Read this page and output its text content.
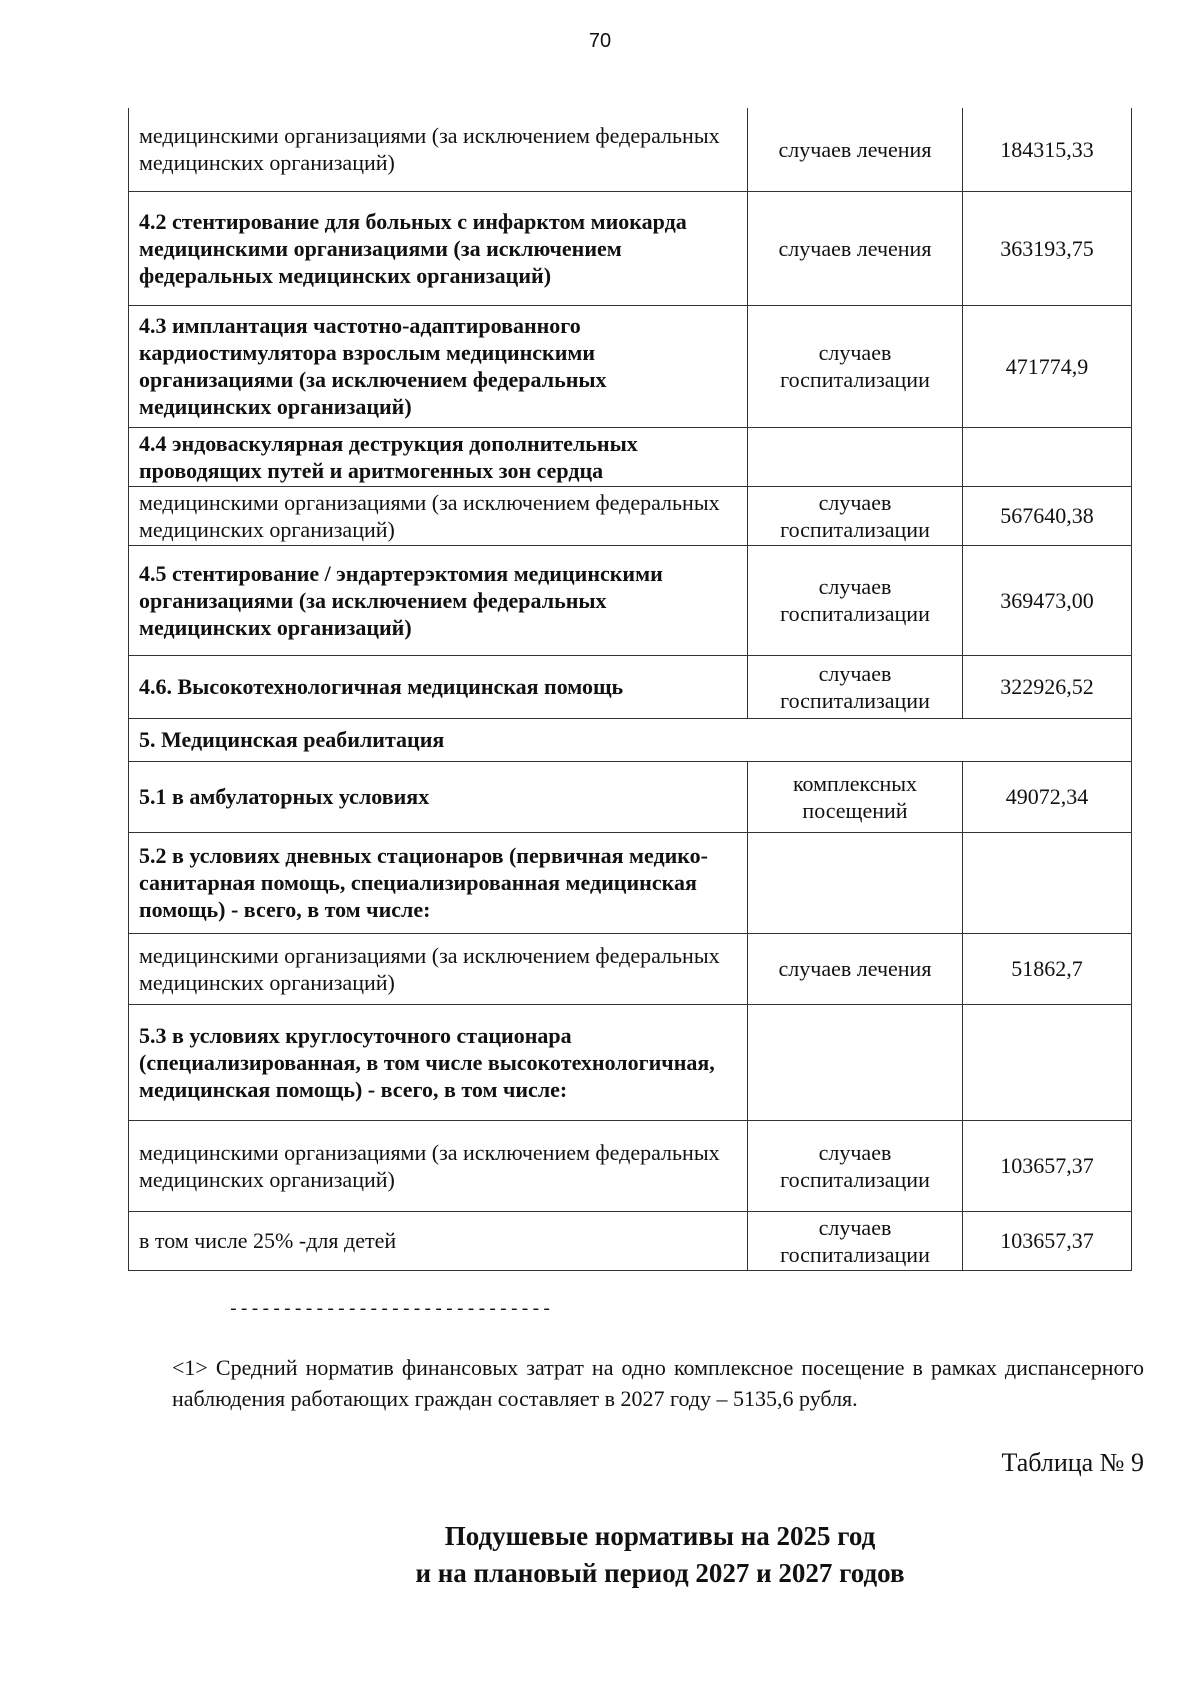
70
медицинскими организациями (за исключением федеральных медицинских организаций)	случаев лечения	184315,33
4.2 стентирование для больных с инфарктом миокарда медицинскими организациями (за исключением федеральных медицинских организаций)	случаев лечения	363193,75
4.3 имплантация частотно-адаптированного кардиостимулятора взрослым медицинскими организациями (за исключением федеральных медицинских организаций)	случаев госпитализации	471774,9
4.4 эндоваскулярная деструкция дополнительных проводящих путей и аритмогенных зон сердца		
медицинскими организациями (за исключением федеральных медицинских организаций)	случаев госпитализации	567640,38
4.5 стентирование / эндартерэктомия медицинскими организациями (за исключением федеральных медицинских организаций)	случаев госпитализации	369473,00
4.6. Высокотехнологичная медицинская помощь	случаев госпитализации	322926,52
5. Медицинская реабилитация		
5.1 в амбулаторных условиях	комплексных посещений	49072,34
5.2 в условиях дневных стационаров (первичная медико-санитарная помощь, специализированная медицинская помощь) - всего, в том числе:		
медицинскими организациями (за исключением федеральных медицинских организаций)	случаев лечения	51862,7
5.3 в условиях круглосуточного стационара (специализированная, в том числе высокотехнологичная, медицинская помощь) - всего, в том числе:		
медицинскими организациями (за исключением федеральных медицинских организаций)	случаев госпитализации	103657,37
в том числе 25% -для детей	случаев госпитализации	103657,37
------------------------------
<1> Средний норматив финансовых затрат на одно комплексное посещение в рамках диспансерного наблюдения работающих граждан составляет в 2027 году – 5135,6 рубля.
Таблица № 9
Подушевые нормативы на 2025 год
и на плановый период 2027 и 2027 годов
